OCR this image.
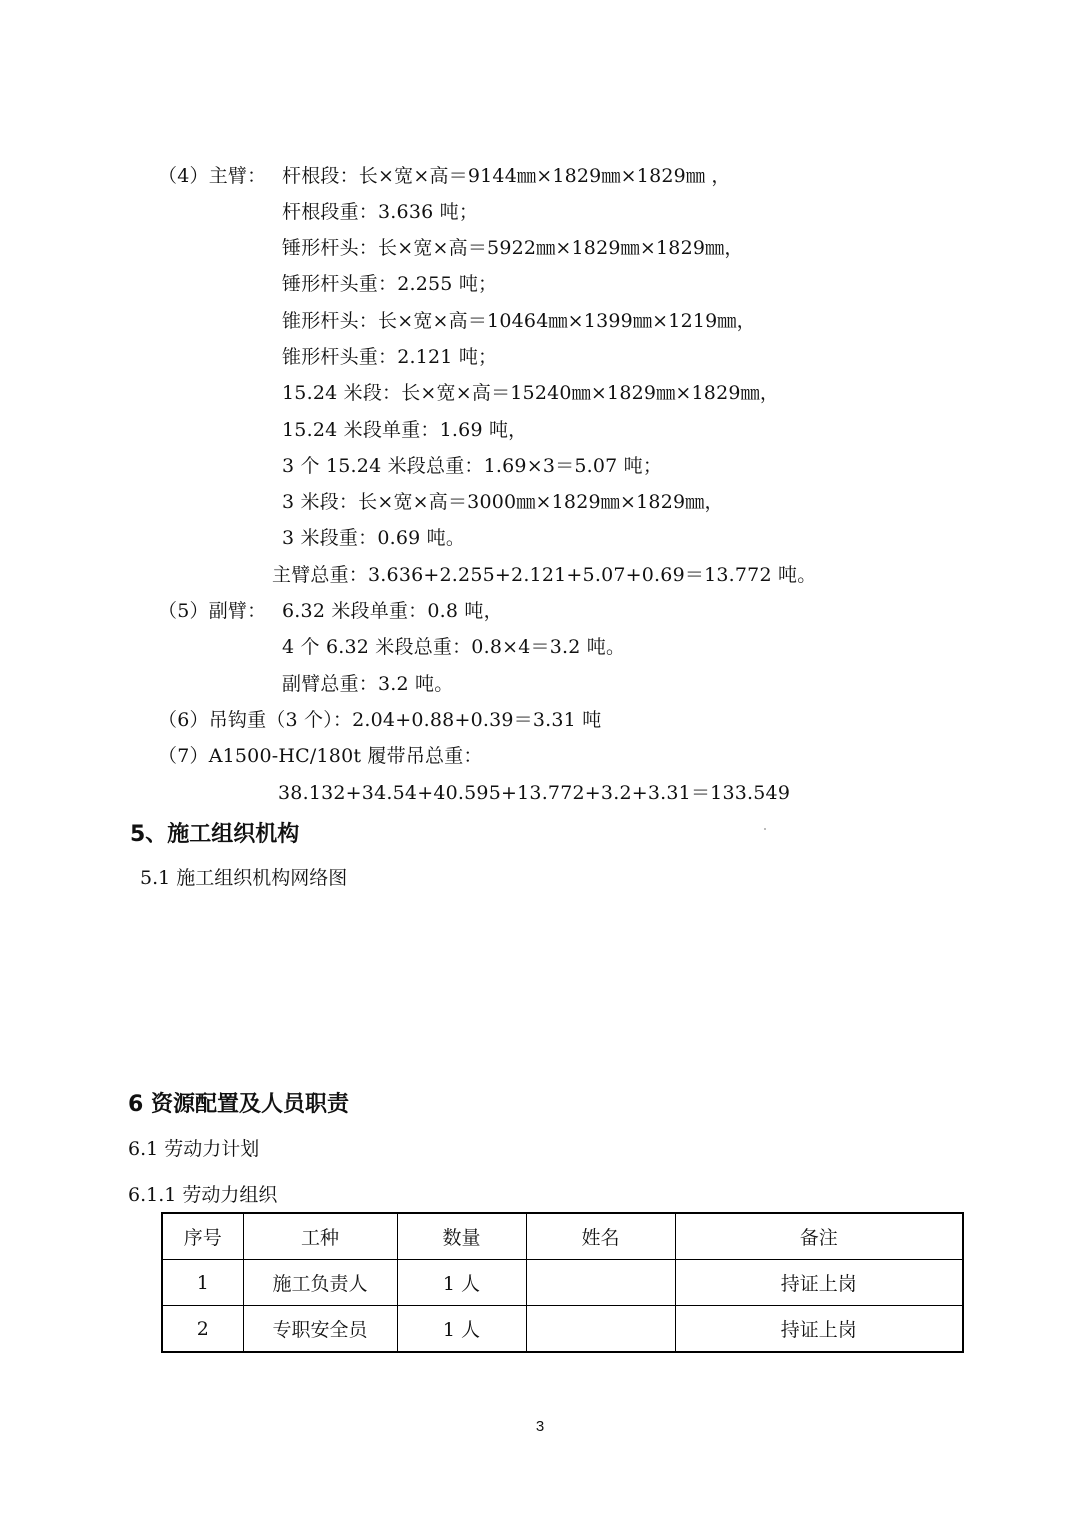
（4）主臂： 杆根段：长×宽×高＝9144㎜×1829㎜×1829㎜ ，
杆根段重：3.636 吨；
锤形杆头：长×宽×高＝5922㎜×1829㎜×1829㎜，
锤形杆头重：2.255 吨；
锥形杆头：长×宽×高＝10464㎜×1399㎜×1219㎜，
锥形杆头重：2.121 吨；
15.24 米段：长×宽×高＝15240㎜×1829㎜×1829㎜，
15.24 米段单重：1.69 吨，
3 个 15.24 米段总重：1.69×3＝5.07 吨；
3 米段：长×宽×高＝3000㎜×1829㎜×1829㎜，
3 米段重：0.69 吨。
主臂总重：3.636+2.255+2.121+5.07+0.69＝13.772 吨。
（5）副臂： 6.32 米段单重：0.8 吨，
4 个 6.32 米段总重：0.8×4＝3.2 吨。
副臂总重：3.2 吨。
（6）吊钩重（3 个）：2.04+0.88+0.39＝3.31 吨
（7）A1500-HC/180t 履带吊总重：
38.132+34.54+40.595+13.772+3.2+3.31＝133.549
5、施工组织机构
5.1 施工组织机构网络图
6 资源配置及人员职责
6.1 劳动力计划
6.1.1 劳动力组织
序号	工种	数量	姓名	备注
1	施工负责人	1 人		持证上岗
2	专职安全员	1 人		持证上岗
3
